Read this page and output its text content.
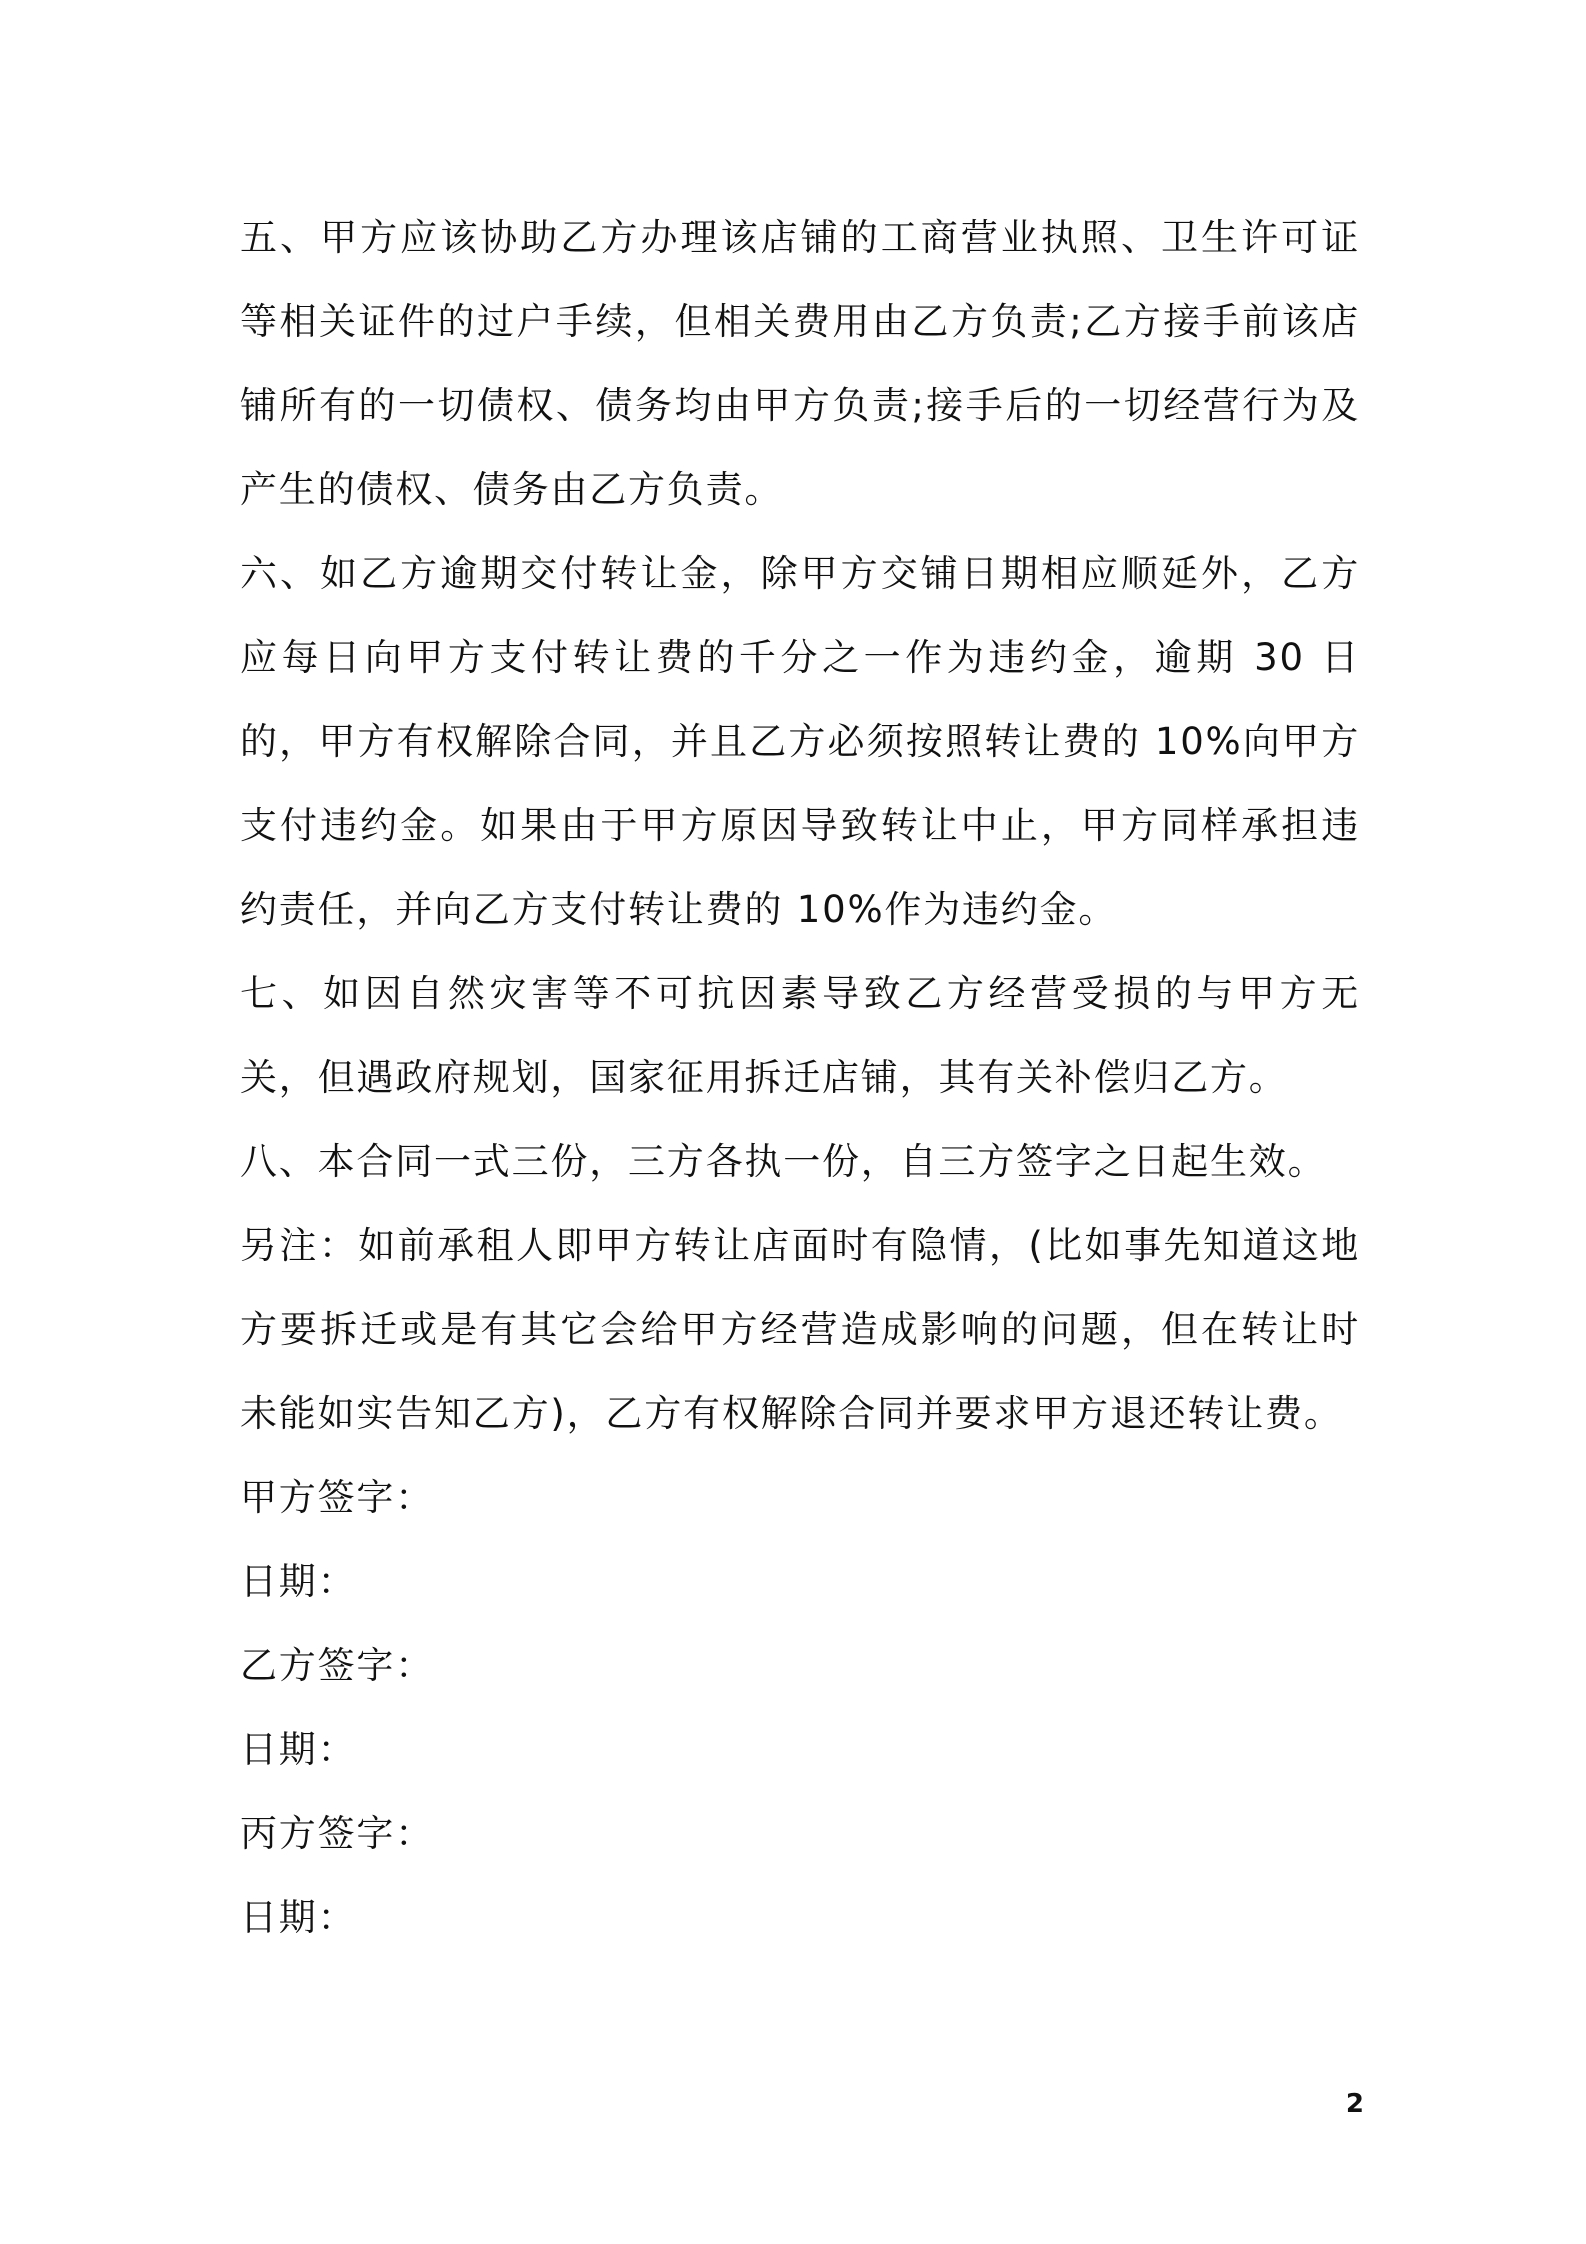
五、甲方应该协助乙方办理该店铺的工商营业执照、卫生许可证等相关证件的过户手续，但相关费用由乙方负责;乙方接手前该店铺所有的一切债权、债务均由甲方负责;接手后的一切经营行为及产生的债权、债务由乙方负责。

六、如乙方逾期交付转让金，除甲方交铺日期相应顺延外，乙方应每日向甲方支付转让费的千分之一作为违约金，逾期 30 日的，甲方有权解除合同，并且乙方必须按照转让费的 10%向甲方支付违约金。如果由于甲方原因导致转让中止，甲方同样承担违约责任，并向乙方支付转让费的 10%作为违约金。

七、如因自然灾害等不可抗因素导致乙方经营受损的与甲方无关，但遇政府规划，国家征用拆迁店铺，其有关补偿归乙方。

八、本合同一式三份，三方各执一份，自三方签字之日起生效。

另注：如前承租人即甲方转让店面时有隐情，(比如事先知道这地方要拆迁或是有其它会给甲方经营造成影响的问题，但在转让时未能如实告知乙方)，乙方有权解除合同并要求甲方退还转让费。

甲方签字：

日期：

乙方签字：

日期：

丙方签字：

日期：

2
